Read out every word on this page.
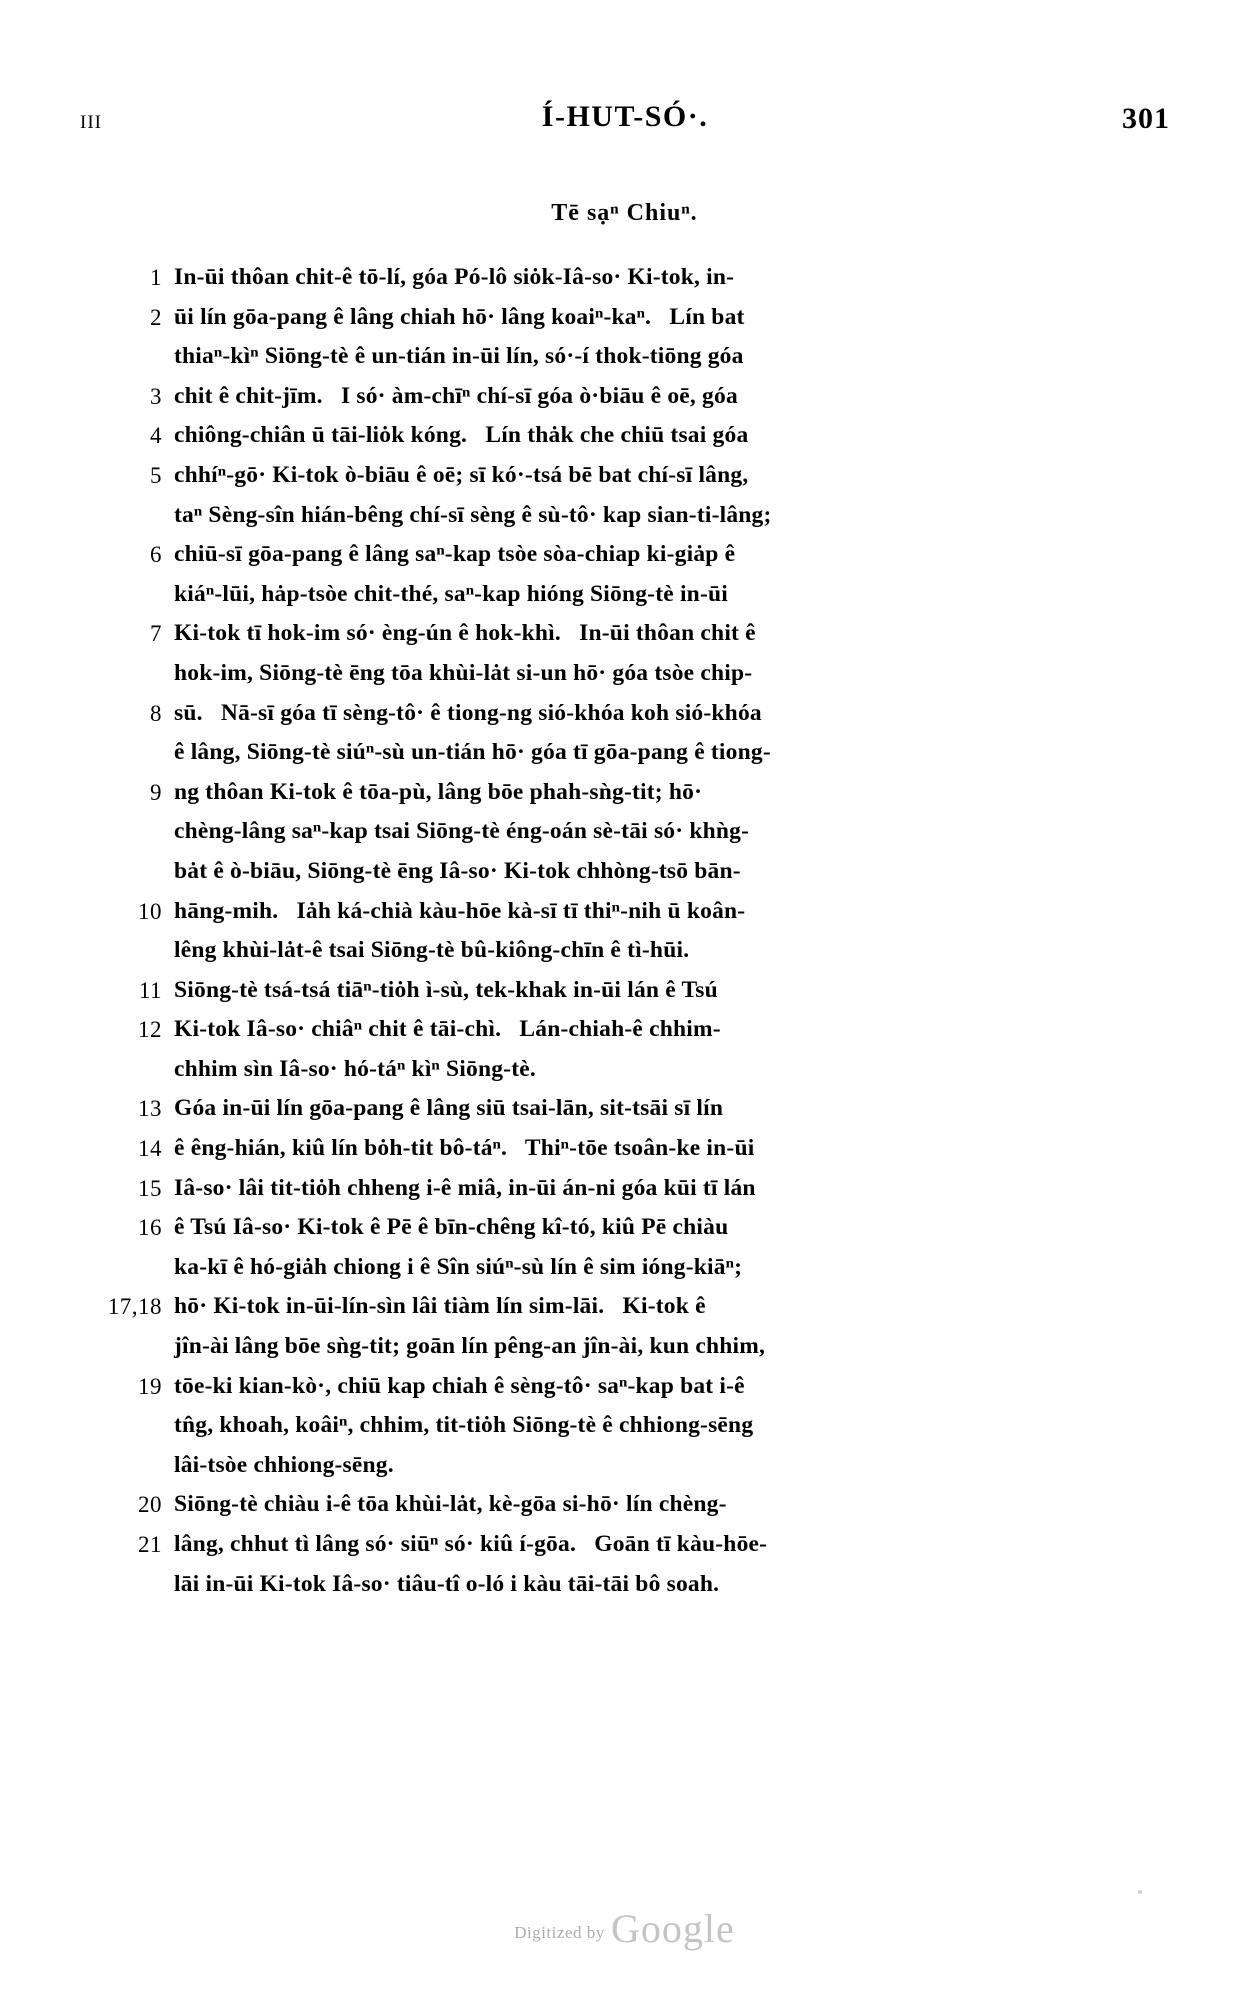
III	Í-HUT-SÓ·.	301
Tē sạⁿ Chiuⁿ.
1 In-ūi thôan chit-ê tō-lí, góa Pó-lô siȯk-Iâ-so· Ki-tok, in-
2 ūi lín gōa-pang ê lâng chiah hō· lâng koaiⁿ-kaⁿ.   Lín bat
thiaⁿ-kìⁿ Siōng-tè ê un-tián in-ūi lín, só·-í thok-tiōng góa
3 chit ê chit-jīm.   I só· àm-chīⁿ chí-sī góa ò·biāu ê oē, góa
4 chiông-chiân ū tāi-liȯk kóng.   Lín thȧk che chiū tsai góa
5 chhíⁿ-gō· Ki-tok ò-biāu ê oē; sī kó·-tsá bē bat chí-sī lâng,
taⁿ Sèng-sîn hián-bêng chí-sī sèng ê sù-tô· kap sian-ti-lâng;
6 chiū-sī gōa-pang ê lâng saⁿ-kap tsòe sòa-chiap ki-giȧp ê
kiáⁿ-lūi, hȧp-tsòe chit-thé, saⁿ-kap hióng Siōng-tè in-ūi
7 Ki-tok tī hok-im só· èng-ún ê hok-khì.   In-ūi thôan chit ê
hok-im, Siōng-tè ēng tōa khùi-lȧt si-un hō· góa tsòe chip-
8 sū.   Nā-sī góa tī sèng-tô· ê tiong-ng sió-khóa koh sió-khóa
ê lâng, Siōng-tè siúⁿ-sù un-tián hō· góa tī gōa-pang ê tiong-
9 ng thôan Ki-tok ê tōa-pù, lâng bōe phah-sǹg-tit; hō·
chèng-lâng saⁿ-kap tsai Siōng-tè éng-oán sè-tāi só· khǹg-
bȧt ê ò-biāu, Siōng-tè ēng Iâ-so· Ki-tok chhòng-tsō bān-
10 hāng-mih.   Iȧh ká-chià kàu-hōe kà-sī tī thiⁿ-nih ū koân-
lêng khùi-lȧt-ê tsai Siōng-tè bû-kiông-chīn ê tì-hūi.
11 Siōng-tè tsá-tsá tiāⁿ-tiȯh ì-sù, tek-khak in-ūi lán ê Tsú
12 Ki-tok Iâ-so· chiâⁿ chit ê tāi-chì.   Lán-chiah-ê chhim-
chhim sìn Iâ-so· hó-táⁿ kìⁿ Siōng-tè.
13 Góa in-ūi lín gōa-pang ê lâng siū tsai-lān, sit-tsāi sī lín
14 ê êng-hián, kiû lín bȯh-tit bô-táⁿ.   Thiⁿ-tōe tsoân-ke in-ūi
15 Iâ-so· lâi tit-tiȯh chheng i-ê miâ, in-ūi án-ni góa kūi tī lán
16 ê Tsú Iâ-so· Ki-tok ê Pē ê bīn-chêng kî-tó, kiû Pē chiàu
ka-kī ê hó-giȧh chiong i ê Sîn siúⁿ-sù lín ê sim ióng-kiāⁿ;
17,18 hō· Ki-tok in-ūi-lín-sìn lâi tiàm lín sim-lāi.   Ki-tok ê
jîn-ài lâng bōe sǹg-tit; goān lín pêng-an jîn-ài, kun chhim,
19 tōe-ki kian-kò·, chiū kap chiah ê sèng-tô· saⁿ-kap bat i-ê
tn̂g, khoah, koâiⁿ, chhim, tit-tiȯh Siōng-tè ê chhiong-sēng
lâi-tsòe chhiong-sēng.
20 Siōng-tè chiàu i-ê tōa khùi-lȧt, kè-gōa si-hō· lín chèng-
21 lâng, chhut tì lâng só· siūⁿ só· kiû í-gōa.   Goān tī kàu-hōe-
lāi in-ūi Ki-tok Iâ-so· tiâu-tî o-ló i kàu tāi-tāi bô soah.
Digitized by Google
